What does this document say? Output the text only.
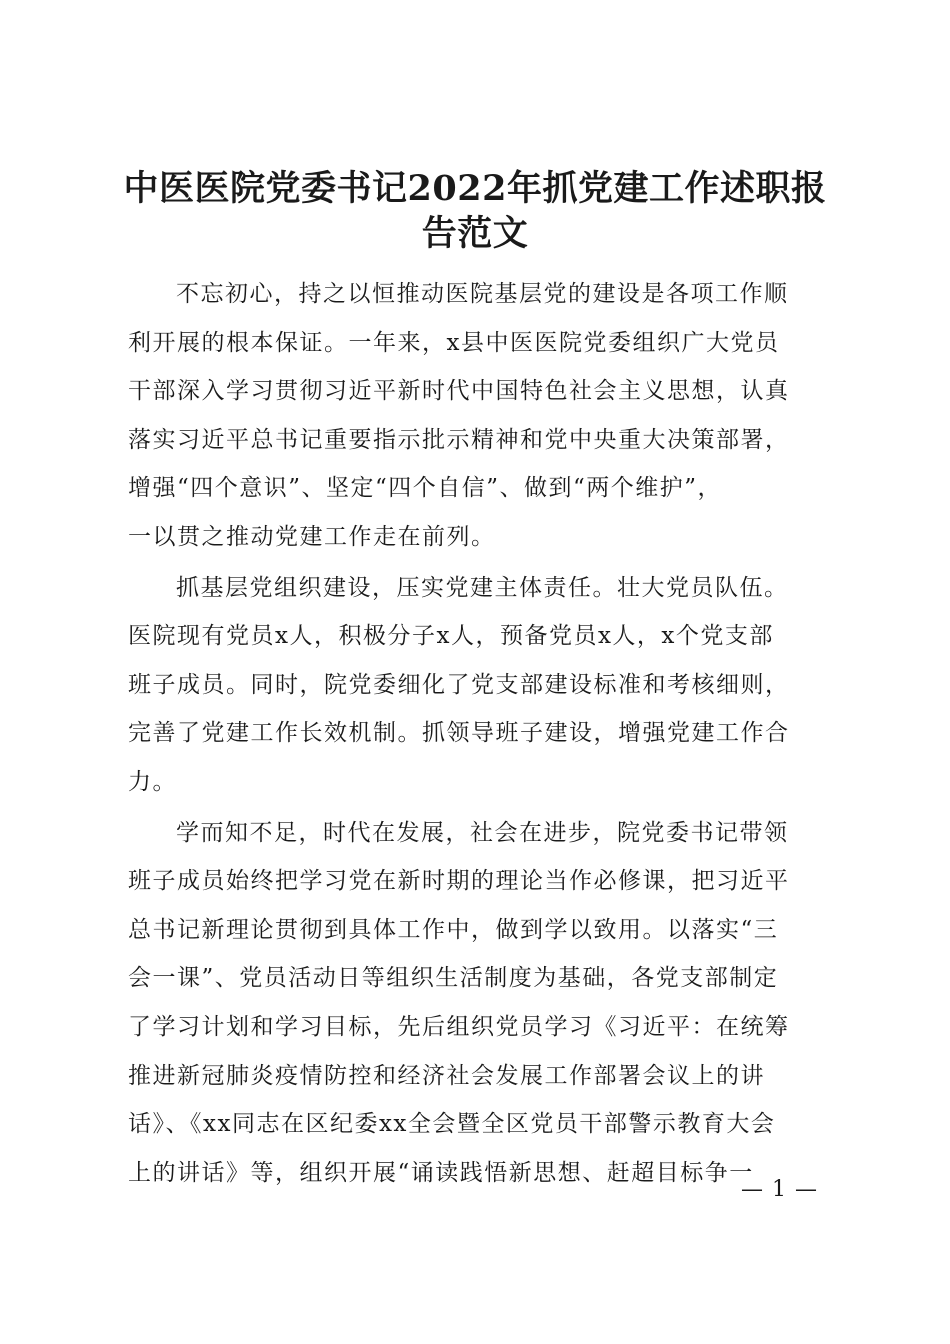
中医医院党委书记2022年抓党建工作述职报
告范文

不忘初心，持之以恒推动医院基层党的建设是各项工作顺
利开展的根本保证。一年来，x县中医医院党委组织广大党员
干部深入学习贯彻习近平新时代中国特色社会主义思想，认真
落实习近平总书记重要指示批示精神和党中央重大决策部署，
增强“四个意识”、坚定“四个自信”、做到“两个维护”，
一以贯之推动党建工作走在前列。

抓基层党组织建设，压实党建主体责任。壮大党员队伍。
医院现有党员x人，积极分子x人，预备党员x人，x个党支部
班子成员。同时，院党委细化了党支部建设标准和考核细则，
完善了党建工作长效机制。抓领导班子建设，增强党建工作合
力。

学而知不足，时代在发展，社会在进步，院党委书记带领
班子成员始终把学习党在新时期的理论当作必修课，把习近平
总书记新理论贯彻到具体工作中，做到学以致用。以落实“三
会一课”、党员活动日等组织生活制度为基础，各党支部制定
了学习计划和学习目标，先后组织党员学习《习近平：在统筹
推进新冠肺炎疫情防控和经济社会发展工作部署会议上的讲
话》、《xx同志在区纪委xx全会暨全区党员干部警示教育大会
上的讲话》等，组织开展“诵读践悟新思想、赶超目标争一

— 1 —
